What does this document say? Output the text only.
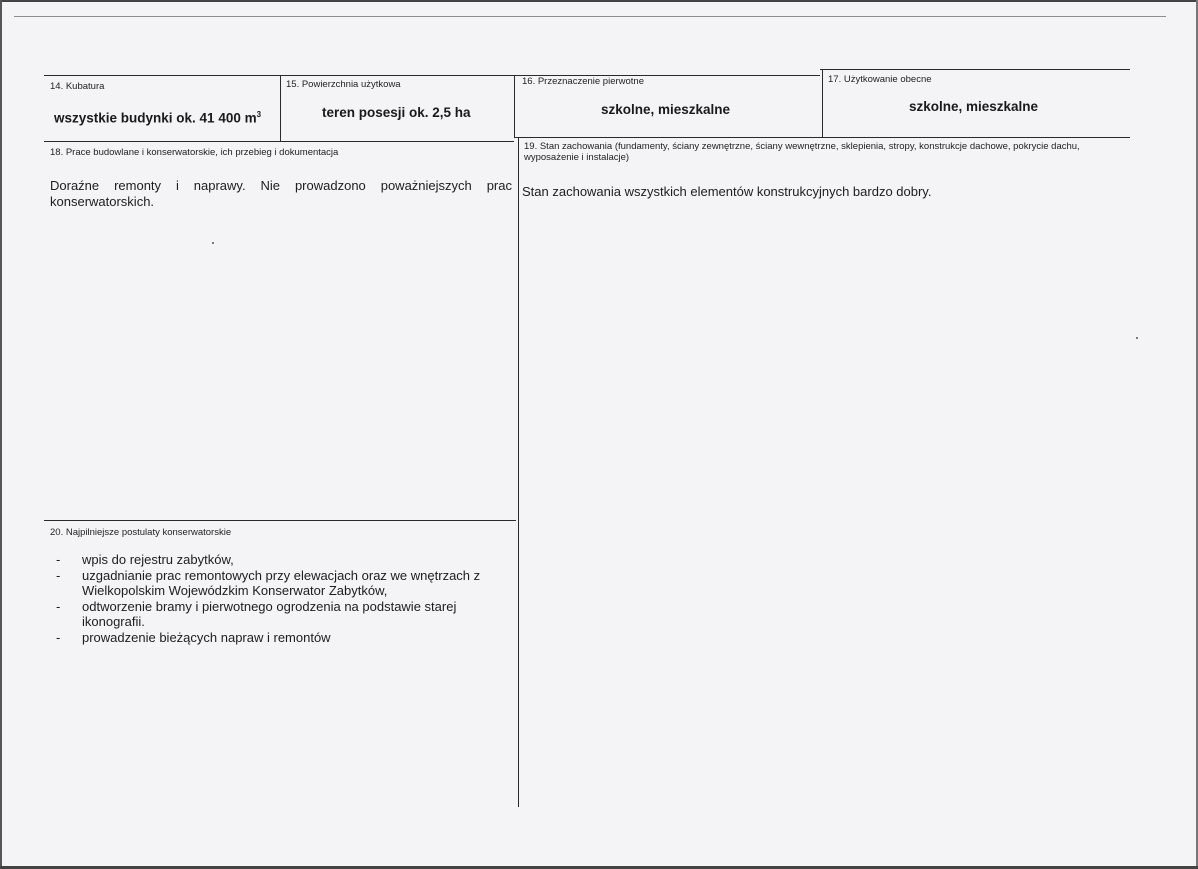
14. Kubatura
wszystkie budynki ok. 41 400 $m^3$
15. Powierzchnia użytkowa
teren posesji ok. 2,5 ha
16. Przeznaczenie pierwotne
szkolne, mieszkalne
17. Użytkowanie obecne
szkolne, mieszkalne
18. Prace budowlane i konserwatorskie, ich przebieg i dokumentacja
Doraźne remonty i naprawy. Nie prowadzono poważniejszych prac konserwatorskich.
19. Stan zachowania (fundamenty, ściany zewnętrzne, ściany wewnętrzne, sklepienia, stropy, konstrukcje dachowe, pokrycie dachu, wyposażenie i instalacje)
Stan zachowania wszystkich elementów konstrukcyjnych bardzo dobry.
20. Najpilniejsze postulaty konserwatorskie
- wpis do rejestru zabytków,
- uzgadnianie prac remontowych przy elewacjach oraz we wnętrzach z Wielkopolskim Wojewódzkim Konserwator Zabytków,
- odtworzenie bramy i pierwotnego ogrodzenia na podstawie starej ikonografii.
- prowadzenie bieżących napraw i remontów
